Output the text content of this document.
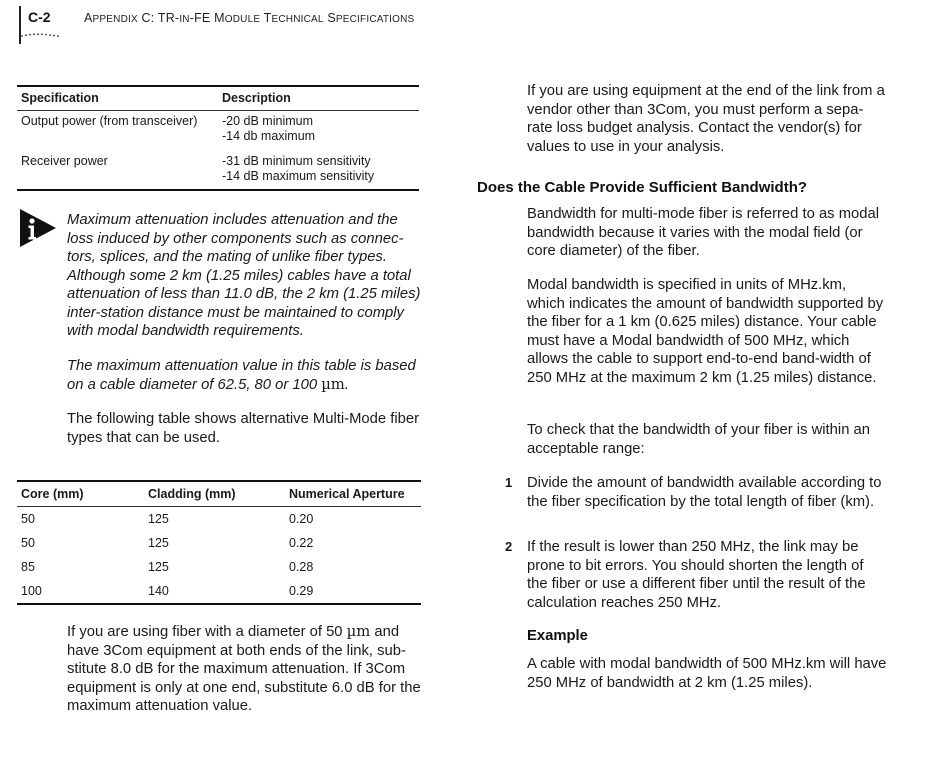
C-2	APPENDIX C: TR-IN-FE MODULE TECHNICAL SPECIFICATIONS
Specification	Description
Output power (from transceiver)	-20 dB minimum
-14 db maximum

Receiver power	-31 dB minimum sensitivity
-14 dB maximum sensitivity

Maximum attenuation includes attenuation and the loss induced by other components such as connec-tors, splices, and the mating of unlike fiber types. Although some 2 km (1.25 miles) cables have a total attenuation of less than 11.0 dB, the 2 km (1.25 miles) inter-station distance must be maintained to comply with modal bandwidth requirements.

The maximum attenuation value in this table is based on a cable diameter of 62.5, 80 or 100 µm.

The following table shows alternative Multi-Mode fiber types that can be used.

Core (mm)	Cladding (mm)	Numerical Aperture
50	125	0.20
50	125	0.22
85	125	0.28
100	140	0.29

If you are using fiber with a diameter of 50 µm and have 3Com equipment at both ends of the link, sub-stitute 8.0 dB for the maximum attenuation. If 3Com equipment is only at one end, substitute 6.0 dB for the maximum attenuation value.

If you are using equipment at the end of the link from a vendor other than 3Com, you must perform a sepa-rate loss budget analysis. Contact the vendor(s) for values to use in your analysis.

Does the Cable Provide Sufficient Bandwidth?

Bandwidth for multi-mode fiber is referred to as modal bandwidth because it varies with the modal field (or core diameter) of the fiber.

Modal bandwidth is specified in units of MHz.km, which indicates the amount of bandwidth supported by the fiber for a 1 km (0.625 miles) distance. Your cable must have a Modal bandwidth of 500 MHz, which allows the cable to support end-to-end band-width of 250 MHz at the maximum 2 km (1.25 miles) distance.

To check that the bandwidth of your fiber is within an acceptable range:

1 Divide the amount of bandwidth available according to the fiber specification by the total length of fiber (km).
2 If the result is lower than 250 MHz, the link may be prone to bit errors. You should shorten the length of the fiber or use a different fiber until the result of the calculation reaches 250 MHz.
Example

A cable with modal bandwidth of 500 MHz.km will have 250 MHz of bandwidth at 2 km (1.25 miles).
